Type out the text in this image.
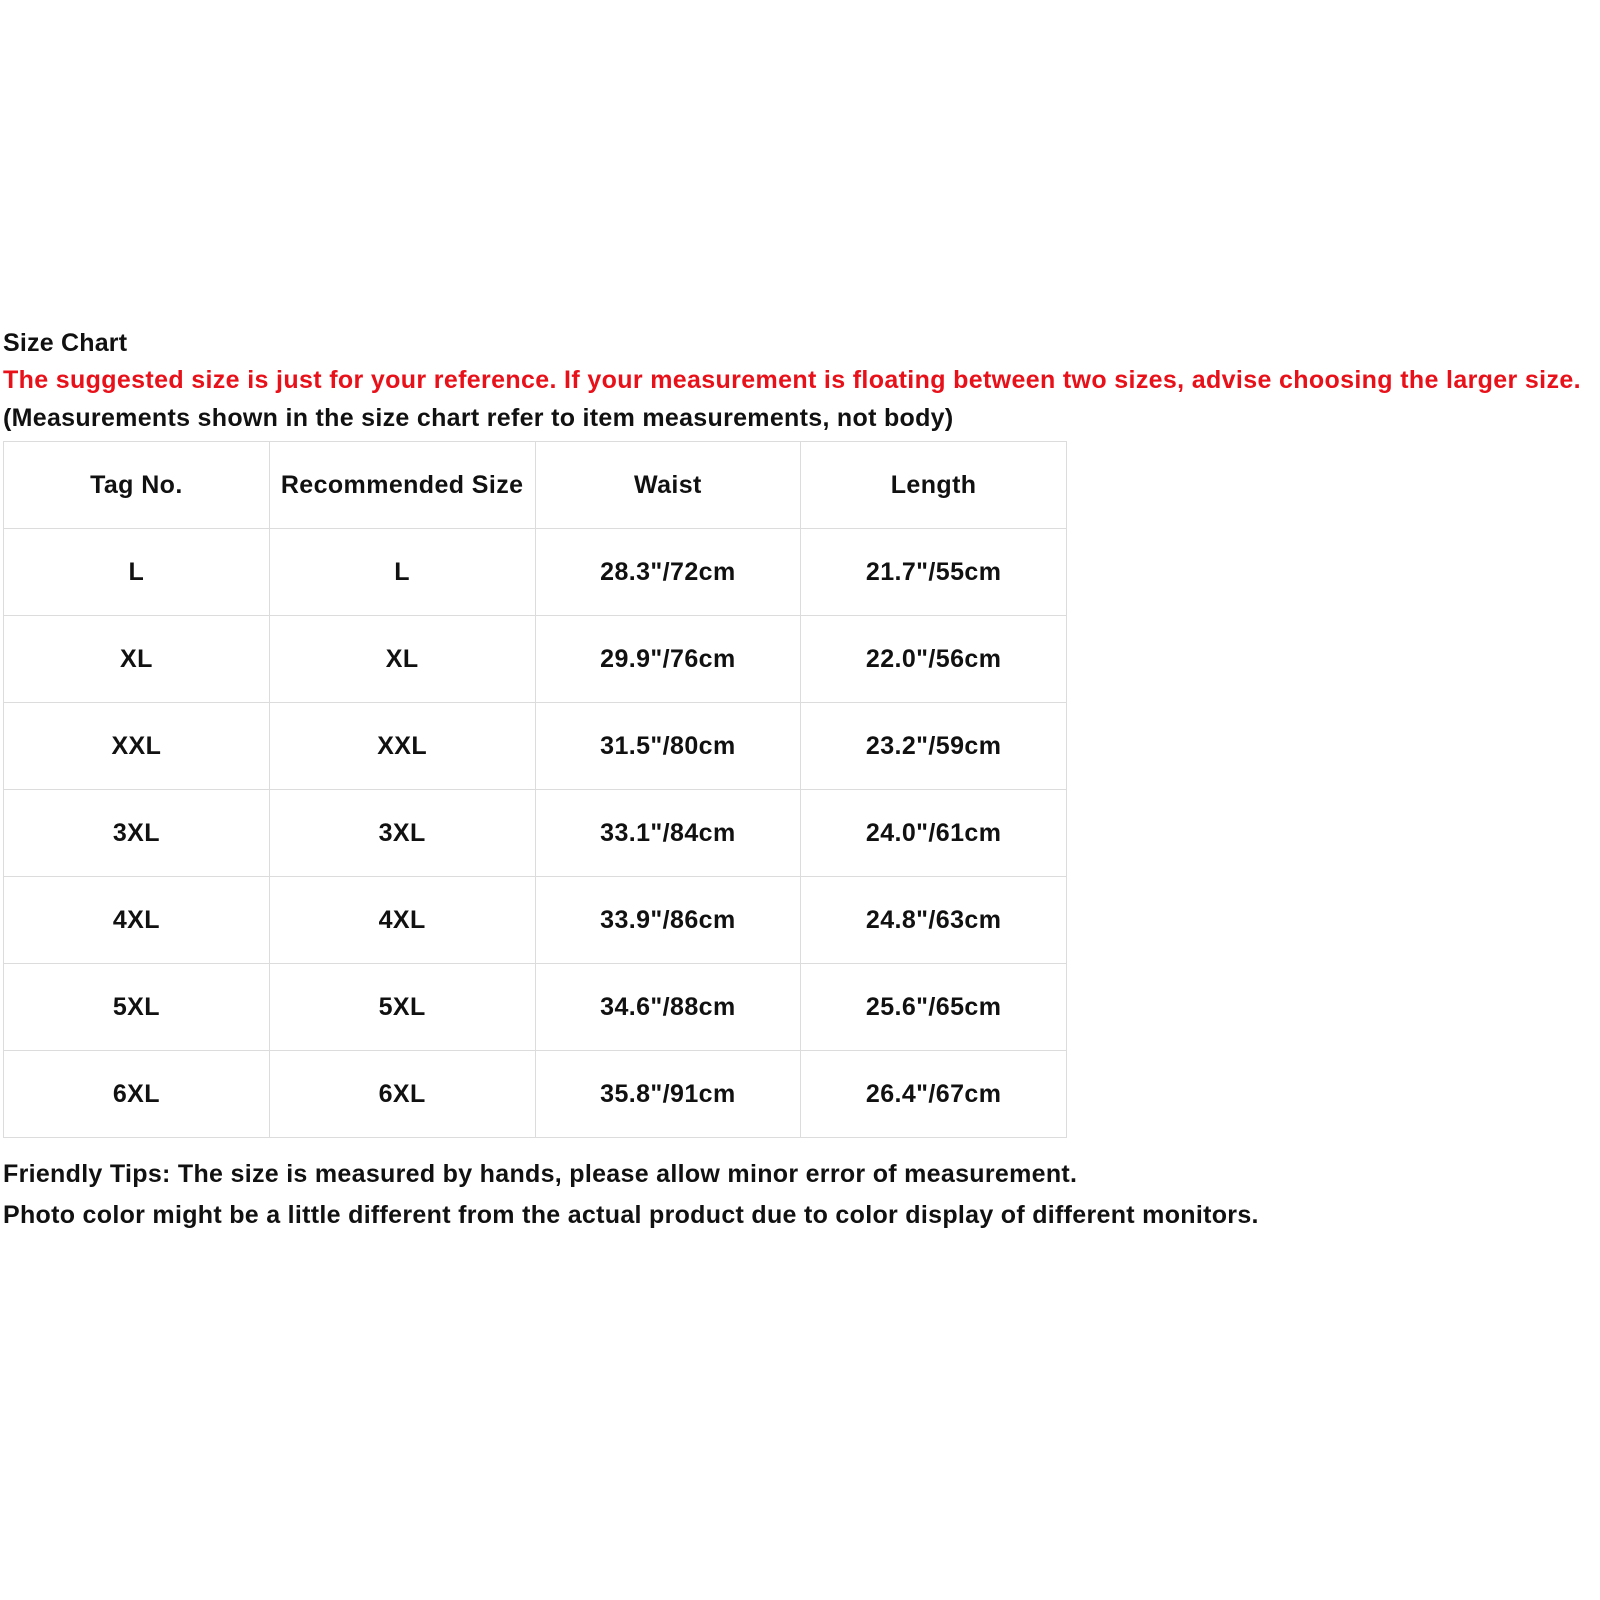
Size Chart
The suggested size is just for your reference. If your measurement is floating between two sizes, advise choosing the larger size.
(Measurements shown in the size chart refer to item measurements, not body)
Tag No.	Recommended Size	Waist	Length
L	L	28.3"/72cm	21.7"/55cm
XL	XL	29.9"/76cm	22.0"/56cm
XXL	XXL	31.5"/80cm	23.2"/59cm
3XL	3XL	33.1"/84cm	24.0"/61cm
4XL	4XL	33.9"/86cm	24.8"/63cm
5XL	5XL	34.6"/88cm	25.6"/65cm
6XL	6XL	35.8"/91cm	26.4"/67cm
Friendly Tips: The size is measured by hands, please allow minor error of measurement.
Photo color might be a little different from the actual product due to color display of different monitors.
